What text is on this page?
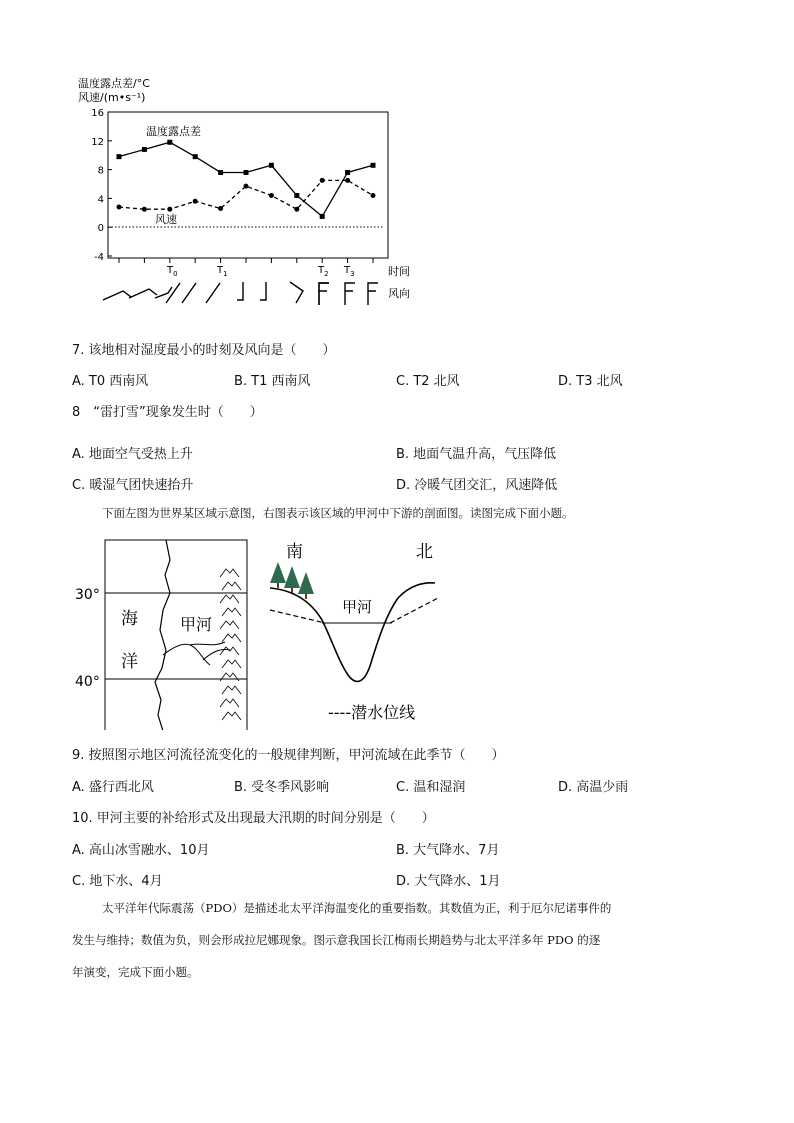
温度露点差/°C
风速/(m•s⁻¹)
16
12
8
4
0
-4
温度露点差
风速
$T_0$	$T_1$	$T_2$ $T_3$	时间
风向
7. 该地相对湿度最小的时刻及风向是（　　）
A. T0 西南风	B. T1 西南风	C. T2 北风	D. T3 北风
8　“雷打雪”现象发生时（　　）
A. 地面空气受热上升	B. 地面气温升高，气压降低
C. 暖湿气团快速抬升	D. 冷暖气团交汇，风速降低
下面左图为世界某区域示意图，右图表示该区域的甲河中下游的剖面图。读图完成下面小题。
30°
40°
海
洋
甲河
南	北
甲河
----潜水位线
9. 按照图示地区河流径流变化的一般规律判断，甲河流域在此季节（　　）
A. 盛行西北风	B. 受冬季风影响	C. 温和湿润	D. 高温少雨
10. 甲河主要的补给形式及出现最大汛期的时间分别是（　　）
A. 高山冰雪融水、10月	B. 大气降水、7月
C. 地下水、4月	D. 大气降水、1月
太平洋年代际震荡（PDO）是描述北太平洋海温变化的重要指数。其数值为正，利于厄尔尼诺事件的
发生与维持；数值为负，则会形成拉尼娜现象。图示意我国长江梅雨长期趋势与北太平洋多年 PDO 的逐
年演变，完成下面小题。
